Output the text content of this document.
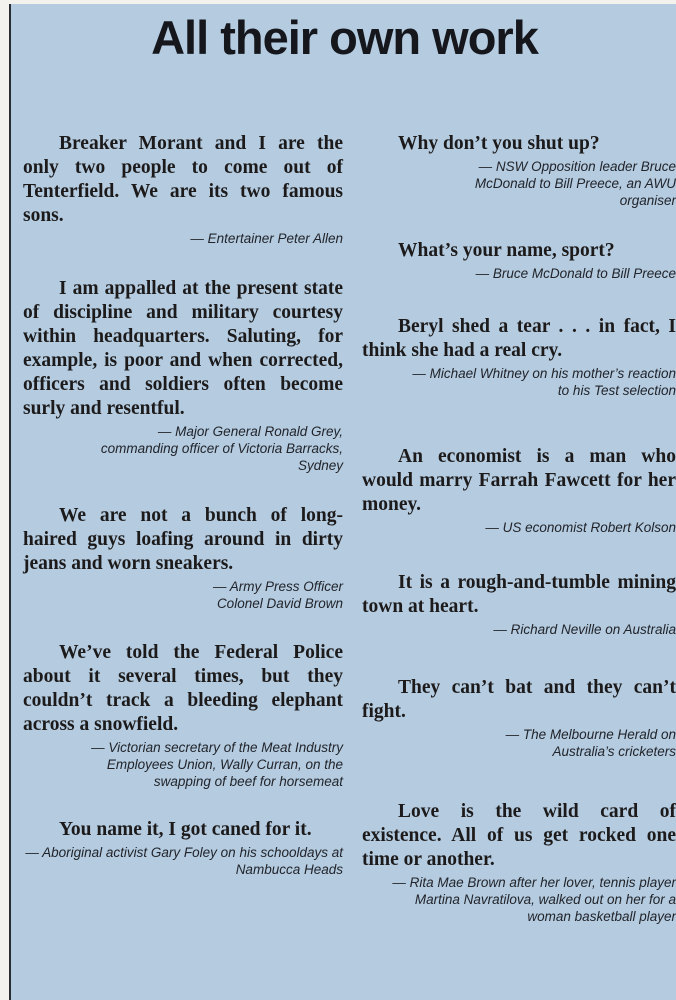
All their own work

Breaker Morant and I are the only two people to come out of Tenterfield. We are its two famous sons.

— Entertainer Peter Allen

I am appalled at the present state of discipline and military courtesy within headquarters. Saluting, for example, is poor and when corrected, officers and soldiers often become surly and resentful.

— Major General Ronald Grey, commanding officer of Victoria Barracks, Sydney

We are not a bunch of long-haired guys loafing around in dirty jeans and worn sneakers.

— Army Press Officer Colonel David Brown

We’ve told the Federal Police about it several times, but they couldn’t track a bleeding elephant across a snowfield.

— Victorian secretary of the Meat Industry Employees Union, Wally Curran, on the swapping of beef for horsemeat

You name it, I got caned for it.

— Aboriginal activist Gary Foley on his schooldays at Nambucca Heads

Why don’t you shut up?

— NSW Opposition leader Bruce McDonald to Bill Preece, an AWU organiser

What’s your name, sport?

— Bruce McDonald to Bill Preece

Beryl shed a tear . . . in fact, I think she had a real cry.

— Michael Whitney on his mother’s reaction to his Test selection

An economist is a man who would marry Farrah Fawcett for her money.

— US economist Robert Kolson

It is a rough-and-tumble mining town at heart.

— Richard Neville on Australia

They can’t bat and they can’t fight.

— The Melbourne Herald on Australia’s cricketers

Love is the wild card of existence. All of us get rocked one time or another.

— Rita Mae Brown after her lover, tennis player Martina Navratilova, walked out on her for a woman basketball player
